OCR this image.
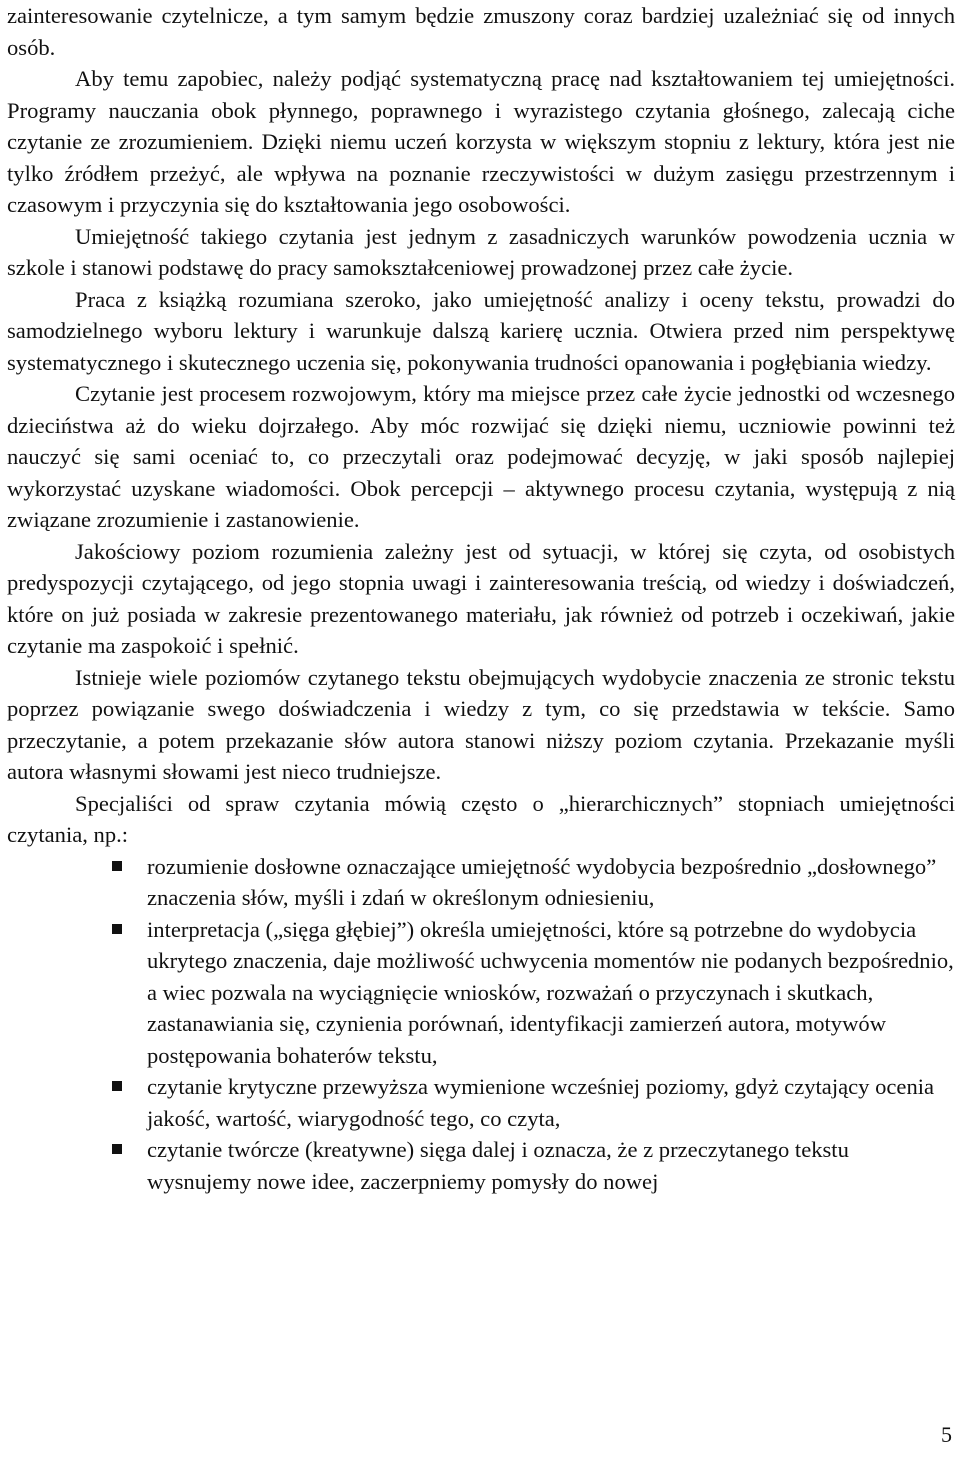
zainteresowanie czytelnicze, a tym samym będzie zmuszony coraz bardziej uzależniać się od innych osób.

Aby temu zapobiec, należy podjąć systematyczną pracę nad kształtowaniem tej umiejętności. Programy nauczania obok płynnego, poprawnego i wyrazistego czytania głośnego, zalecają ciche czytanie ze zrozumieniem. Dzięki niemu uczeń korzysta w większym stopniu z lektury, która jest nie tylko źródłem przeżyć, ale wpływa na poznanie rzeczywistości w dużym zasięgu przestrzennym i czasowym i przyczynia się do kształtowania jego osobowości.

Umiejętność takiego czytania jest jednym z zasadniczych warunków powodzenia ucznia w szkole i stanowi podstawę do pracy samokształceniowej prowadzonej przez całe życie.

Praca z książką rozumiana szeroko, jako umiejętność analizy i oceny tekstu, prowadzi do samodzielnego wyboru lektury i warunkuje dalszą karierę ucznia. Otwiera przed nim perspektywę systematycznego i skutecznego uczenia się, pokonywania trudności opanowania i pogłębiania wiedzy.

Czytanie jest procesem rozwojowym, który ma miejsce przez całe życie jednostki od wczesnego dzieciństwa aż do wieku dojrzałego. Aby móc rozwijać się dzięki niemu, uczniowie powinni też nauczyć się sami oceniać to, co przeczytali oraz podejmować decyzję, w jaki sposób najlepiej wykorzystać uzyskane wiadomości. Obok percepcji – aktywnego procesu czytania, występują z nią związane zrozumienie i zastanowienie.

Jakościowy poziom rozumienia zależny jest od sytuacji, w której się czyta, od osobistych predyspozycji czytającego, od jego stopnia uwagi i zainteresowania treścią, od wiedzy i doświadczeń, które on już posiada w zakresie prezentowanego materiału, jak również od potrzeb i oczekiwań, jakie czytanie ma zaspokoić i spełnić.

Istnieje wiele poziomów czytanego tekstu obejmujących wydobycie znaczenia ze stronic tekstu poprzez powiązanie swego doświadczenia i wiedzy z tym, co się przedstawia w tekście. Samo przeczytanie, a potem przekazanie słów autora stanowi niższy poziom czytania. Przekazanie myśli autora własnymi słowami jest nieco trudniejsze.

Specjaliści od spraw czytania mówią często o „hierarchicznych” stopniach umiejętności czytania, np.:

rozumienie dosłowne oznaczające umiejętność wydobycia bezpośrednio „dosłownego” znaczenia słów, myśli i zdań w określonym odniesieniu,
interpretacja („sięga głębiej”) określa umiejętności, które są potrzebne do wydobycia ukrytego znaczenia, daje możliwość uchwycenia momentów nie podanych bezpośrednio, a wiec pozwala na wyciągnięcie wniosków, rozważań o przyczynach i skutkach, zastanawiania się, czynienia porównań, identyfikacji zamierzeń autora, motywów postępowania bohaterów tekstu,
czytanie krytyczne przewyższa wymienione wcześniej poziomy, gdyż czytający ocenia jakość, wartość, wiarygodność tego, co czyta,
czytanie twórcze (kreatywne) sięga dalej i oznacza, że z przeczytanego tekstu wysnujemy nowe idee, zaczerpniemy pomysły do nowej
5
